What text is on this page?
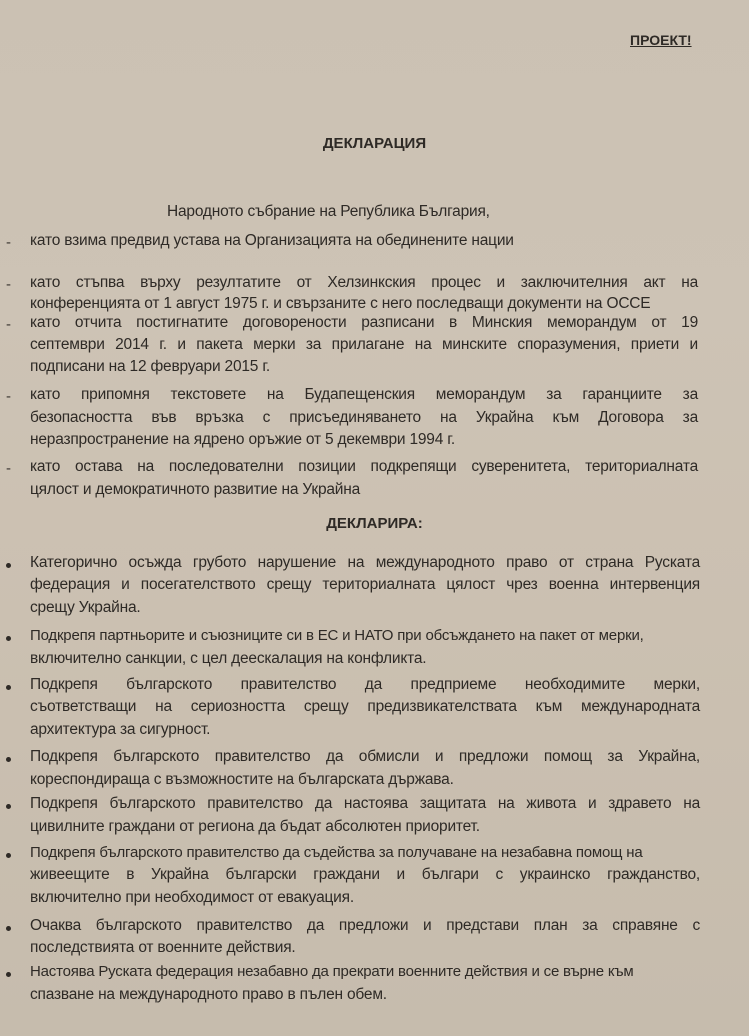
ПРОЕКТ!
ДЕКЛАРАЦИЯ
Народното събрание на Република България,
- като взима предвид устава на Организацията на обединените нации
- като стъпва върху резултатите от Хелзинкския процес и заключителния акт на
конференцията от 1 август 1975 г. и свързаните с него последващи документи на ОССЕ
- като отчита постигнатите договорености разписани в Минския меморандум от 19
септември 2014 г. и пакета мерки за прилагане на минските споразумения, приети и
подписани на 12 февруари 2015 г.
- като припомня текстовете на Будапещенския меморандум за гаранциите за
безопасността във връзка с присъединяването на Украйна към Договора за
неразпространение на ядрено оръжие от 5 декември 1994 г.
- като остава на последователни позиции подкрепящи суверенитета, териториалната
цялост и демократичното развитие на Украйна
ДЕКЛАРИРА:
Категорично осъжда грубото нарушение на международното право от страна Руската
федерация и посегателството срещу териториалната цялост чрез военна интервенция
срещу Украйна.
Подкрепя партньорите и съюзниците си в ЕС и НАТО при обсъждането на пакет от мерки,
включително санкции, с цел деескалация на конфликта.
Подкрепя българското правителство да предприеме необходимите мерки,
съответстващи на сериозността срещу предизвикателствата към международната
архитектура за сигурност.
Подкрепя българското правителство да обмисли и предложи помощ за Украйна,
кореспондираща с възможностите на българската държава.
Подкрепя българското правителство да настоява защитата на живота и здравето на
цивилните граждани от региона да бъдат абсолютен приоритет.
Подкрепя българското правителство да съдейства за получаване на незабавна помощ на
живеещите в Украйна български граждани и българи с украинско гражданство,
включително при необходимост от евакуация.
Очаква българското правителство да предложи и представи план за справяне с
последствията от военните действия.
Настоява Руската федерация незабавно да прекрати военните действия и се върне към
спазване на международното право в пълен обем.
